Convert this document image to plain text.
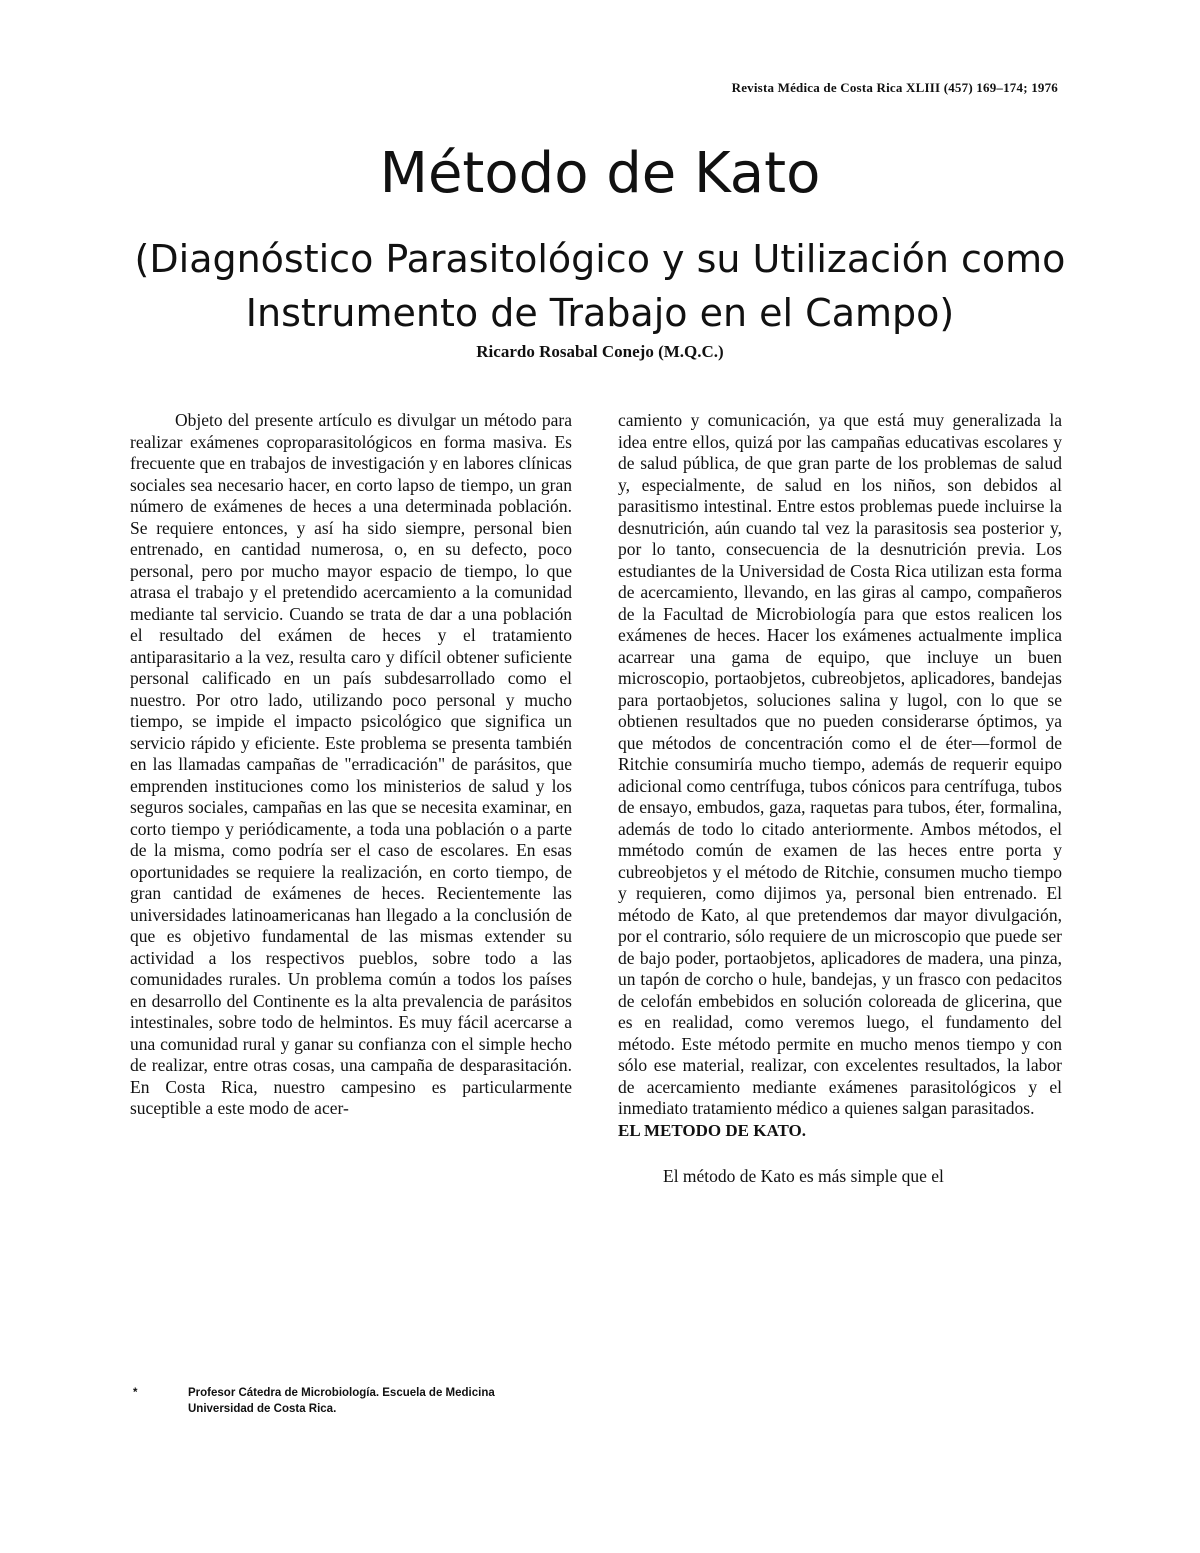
Revista Médica de Costa Rica XLIII (457) 169–174; 1976
Método de Kato
(Diagnóstico Parasitológico y su Utilización como Instrumento de Trabajo en el Campo)
Ricardo Rosabal Conejo (M.Q.C.)

Objeto del presente artículo es divulgar un método para realizar exámenes coproparasitológicos en forma masiva. Es frecuente que en trabajos de investigación y en labores clínicas sociales sea necesario hacer, en corto lapso de tiempo, un gran número de exámenes de heces a una determinada población. Se requiere entonces, y así ha sido siempre, personal bien entrenado, en cantidad numerosa, o, en su defecto, poco personal, pero por mucho mayor espacio de tiempo, lo que atrasa el trabajo y el pretendido acercamiento a la comunidad mediante tal servicio. Cuando se trata de dar a una población el resultado del exámen de heces y el tratamiento antiparasitario a la vez, resulta caro y difícil obtener suficiente personal calificado en un país subdesarrollado como el nuestro. Por otro lado, utilizando poco personal y mucho tiempo, se impide el impacto psicológico que significa un servicio rápido y eficiente. Este problema se presenta también en las llamadas campañas de "erradicación" de parásitos, que emprenden instituciones como los ministerios de salud y los seguros sociales, campañas en las que se necesita examinar, en corto tiempo y periódicamente, a toda una población o a parte de la misma, como podría ser el caso de escolares. En esas oportunidades se requiere la realización, en corto tiempo, de gran cantidad de exámenes de heces. Recientemente las universidades latinoamericanas han llegado a la conclusión de que es objetivo fundamental de las mismas extender su actividad a los respectivos pueblos, sobre todo a las comunidades rurales. Un problema común a todos los países en desarrollo del Continente es la alta prevalencia de parásitos intestinales, sobre todo de helmintos. Es muy fácil acercarse a una comunidad rural y ganar su confianza con el simple hecho de realizar, entre otras cosas, una campaña de desparasitación. En Costa Rica, nuestro campesino es particularmente suceptible a este modo de acer-

camiento y comunicación, ya que está muy generalizada la idea entre ellos, quizá por las campañas educativas escolares y de salud pública, de que gran parte de los problemas de salud y, especialmente, de salud en los niños, son debidos al parasitismo intestinal. Entre estos problemas puede incluirse la desnutrición, aún cuando tal vez la parasitosis sea posterior y, por lo tanto, consecuencia de la desnutrición previa. Los estudiantes de la Universidad de Costa Rica utilizan esta forma de acercamiento, llevando, en las giras al campo, compañeros de la Facultad de Microbiología para que estos realicen los exámenes de heces. Hacer los exámenes actualmente implica acarrear una gama de equipo, que incluye un buen microscopio, portaobjetos, cubreobjetos, aplicadores, bandejas para portaobjetos, soluciones salina y lugol, con lo que se obtienen resultados que no pueden considerarse óptimos, ya que métodos de concentración como el de éter—formol de Ritchie consumiría mucho tiempo, además de requerir equipo adicional como centrífuga, tubos cónicos para centrífuga, tubos de ensayo, embudos, gaza, raquetas para tubos, éter, formalina, además de todo lo citado anteriormente. Ambos métodos, el mmétodo común de examen de las heces entre porta y cubreobjetos y el método de Ritchie, consumen mucho tiempo y requieren, como dijimos ya, personal bien entrenado. El método de Kato, al que pretendemos dar mayor divulgación, por el contrario, sólo requiere de un microscopio que puede ser de bajo poder, portaobjetos, aplicadores de madera, una pinza, un tapón de corcho o hule, bandejas, y un frasco con pedacitos de celofán embebidos en solución coloreada de glicerina, que es en realidad, como veremos luego, el fundamento del método. Este método permite en mucho menos tiempo y con sólo ese material, realizar, con excelentes resultados, la labor de acercamiento mediante exámenes parasitológicos y el inmediato tratamiento médico a quienes salgan parasitados.

EL METODO DE KATO.

El método de Kato es más simple que el

*	Profesor Cátedra de Microbiología. Escuela de Medicina Universidad de Costa Rica.
